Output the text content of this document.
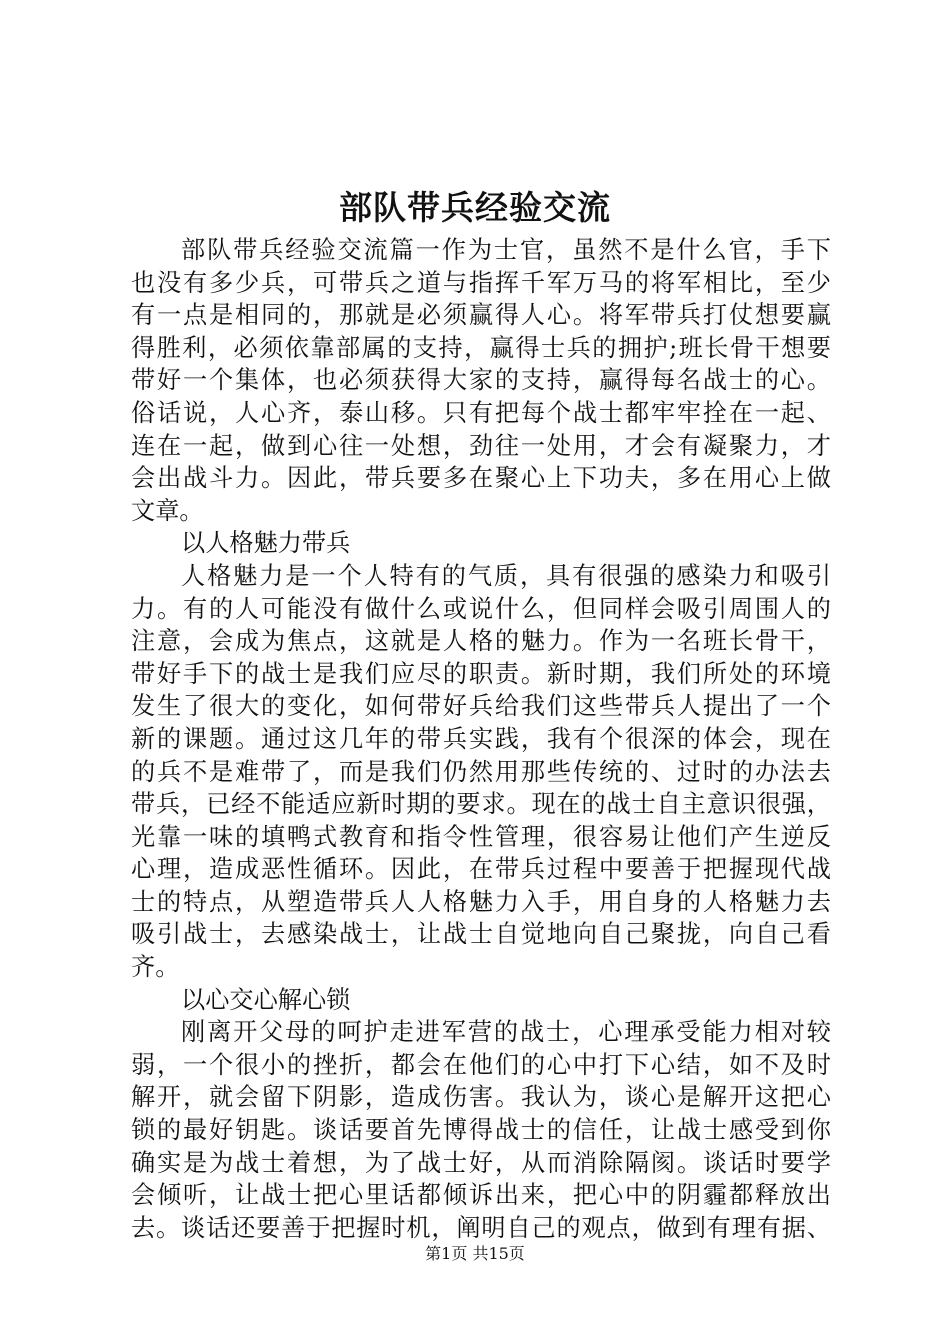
部队带兵经验交流
部队带兵经验交流篇一作为士官，虽然不是什么官，手下
也没有多少兵，可带兵之道与指挥千军万马的将军相比，至少
有一点是相同的，那就是必须赢得人心。将军带兵打仗想要赢
得胜利，必须依靠部属的支持，赢得士兵的拥护;班长骨干想要
带好一个集体，也必须获得大家的支持，赢得每名战士的心。
俗话说，人心齐，泰山移。只有把每个战士都牢牢拴在一起、
连在一起，做到心往一处想，劲往一处用，才会有凝聚力，才
会出战斗力。因此，带兵要多在聚心上下功夫，多在用心上做
文章。
以人格魅力带兵
人格魅力是一个人特有的气质，具有很强的感染力和吸引
力。有的人可能没有做什么或说什么，但同样会吸引周围人的
注意，会成为焦点，这就是人格的魅力。作为一名班长骨干，
带好手下的战士是我们应尽的职责。新时期，我们所处的环境
发生了很大的变化，如何带好兵给我们这些带兵人提出了一个
新的课题。通过这几年的带兵实践，我有个很深的体会，现在
的兵不是难带了，而是我们仍然用那些传统的、过时的办法去
带兵，已经不能适应新时期的要求。现在的战士自主意识很强，
光靠一味的填鸭式教育和指令性管理，很容易让他们产生逆反
心理，造成恶性循环。因此，在带兵过程中要善于把握现代战
士的特点，从塑造带兵人人格魅力入手，用自身的人格魅力去
吸引战士，去感染战士，让战士自觉地向自己聚拢，向自己看
齐。
以心交心解心锁
刚离开父母的呵护走进军营的战士，心理承受能力相对较
弱，一个很小的挫折，都会在他们的心中打下心结，如不及时
解开，就会留下阴影，造成伤害。我认为，谈心是解开这把心
锁的最好钥匙。谈话要首先博得战士的信任，让战士感受到你
确实是为战士着想，为了战士好，从而消除隔阂。谈话时要学
会倾听，让战士把心里话都倾诉出来，把心中的阴霾都释放出
去。谈话还要善于把握时机，阐明自己的观点，做到有理有据、
第1页 共15页
